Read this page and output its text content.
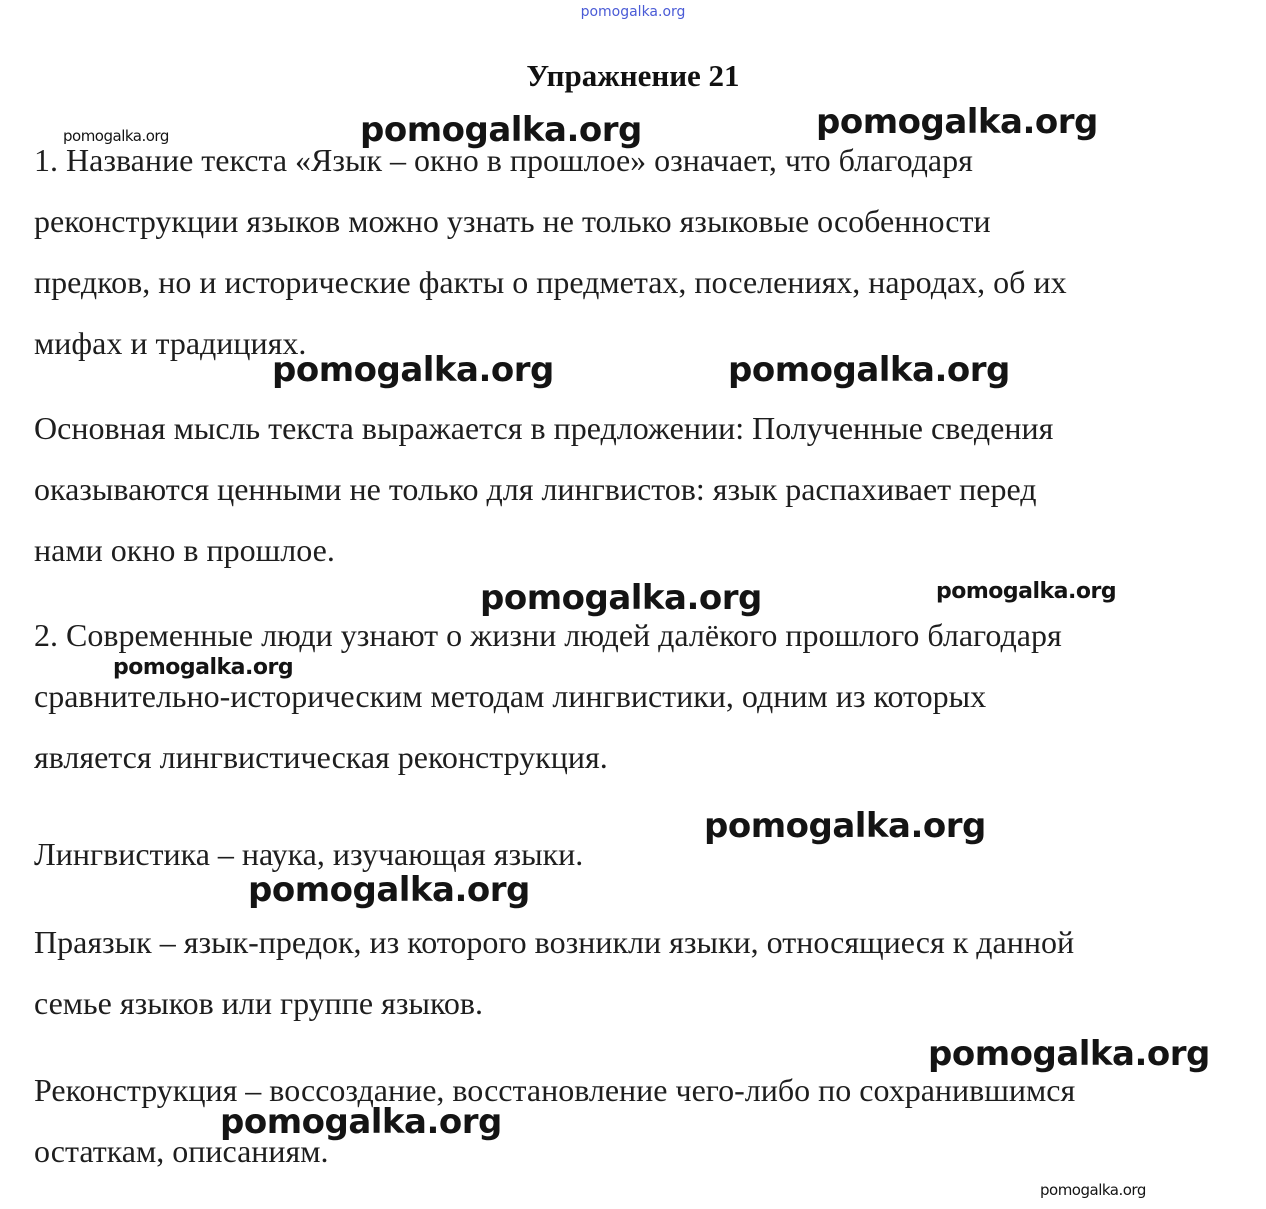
pomogalka.org
Упражнение 21
1. Название текста «Язык – окно в прошлое» означает, что благодаря
реконструкции языков можно узнать не только языковые особенности
предков, но и исторические факты о предметах, поселениях, народах, об их
мифах и традициях.
Основная мысль текста выражается в предложении: Полученные сведения
оказываются ценными не только для лингвистов: язык распахивает перед
нами окно в прошлое.
2. Современные люди узнают о жизни людей далёкого прошлого благодаря
сравнительно-историческим методам лингвистики, одним из которых
является лингвистическая реконструкция.
Лингвистика – наука, изучающая языки.
Праязык – язык-предок, из которого возникли языки, относящиеся к данной
семье языков или группе языков.
Реконструкция – воссоздание, восстановление чего-либо по сохранившимся
остаткам, описаниям.
pomogalka.org	pomogalka.org	pomogalka.org
pomogalka.org	pomogalka.org
pomogalka.org	pomogalka.org
pomogalka.org
pomogalka.org
pomogalka.org
pomogalka.org
pomogalka.org
pomogalka.org
